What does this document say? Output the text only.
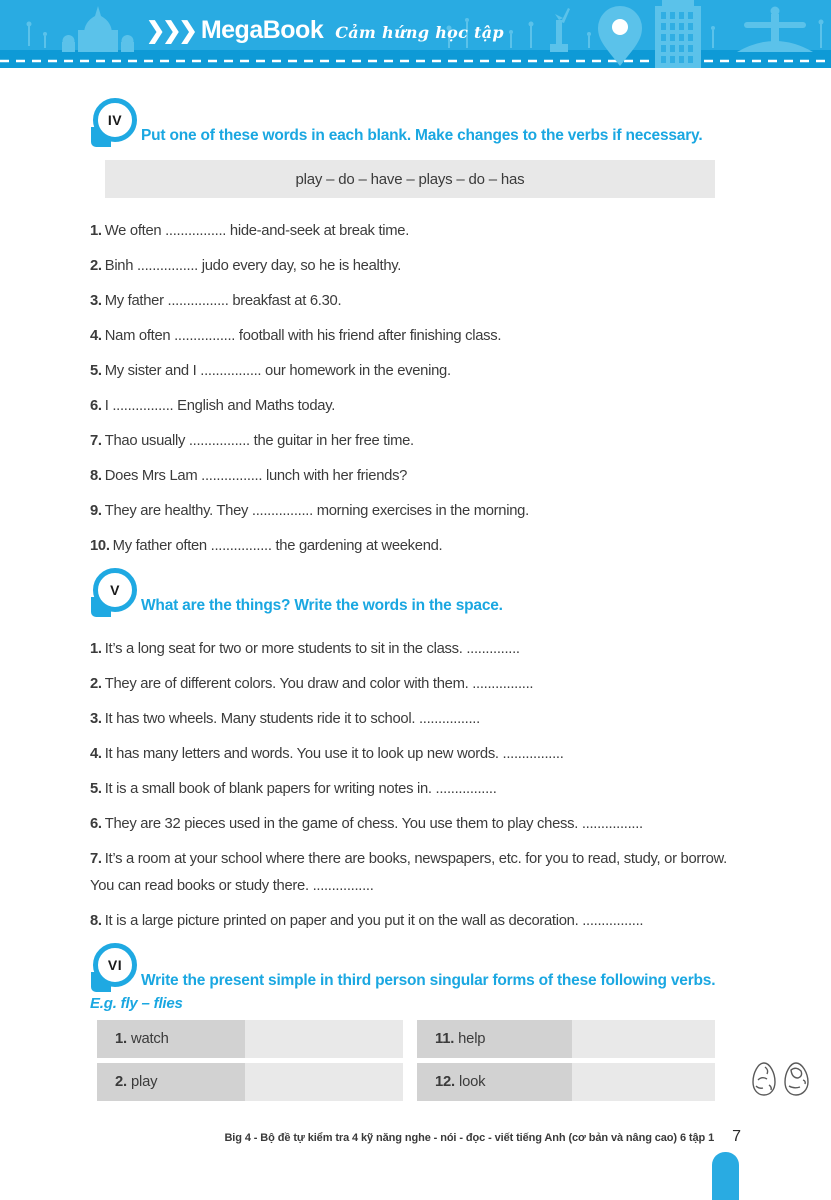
❯❯❯ MegaBook Cảm hứng học tập
IV
Put one of these words in each blank. Make changes to the verbs if necessary.
play – do – have – plays – do – has
1. We often ................ hide-and-seek at break time.
2. Binh ................ judo every day, so he is healthy.
3. My father ................ breakfast at 6.30.
4. Nam often ................ football with his friend after finishing class.
5. My sister and I ................ our homework in the evening.
6. I ................ English and Maths today.
7. Thao usually ................ the guitar in her free time.
8. Does Mrs Lam ................ lunch with her friends?
9. They are healthy. They ................ morning exercises in the morning.
10. My father often ................ the gardening at weekend.
V
What are the things? Write the words in the space.
1. It’s a long seat for two or more students to sit in the class. ..............
2. They are of different colors. You draw and color with them. ................
3. It has two wheels. Many students ride it to school. ................
4. It has many letters and words. You use it to look up new words. ................
5. It is a small book of blank papers for writing notes in. ................
6. They are 32 pieces used in the game of chess. You use them to play chess. ................
7. It’s a room at your school where there are books, newspapers, etc. for you to read, study, or borrow. You can read books or study there. ................
8. It is a large picture printed on paper and you put it on the wall as decoration. ................
VI
Write the present simple in third person singular forms of these following verbs.
E.g. fly – flies
1. watch	11. help
2. play	12. look
Big 4 - Bộ đề tự kiểm tra 4 kỹ năng nghe - nói - đọc - viết tiếng Anh (cơ bản và nâng cao) 6 tập 1 7
